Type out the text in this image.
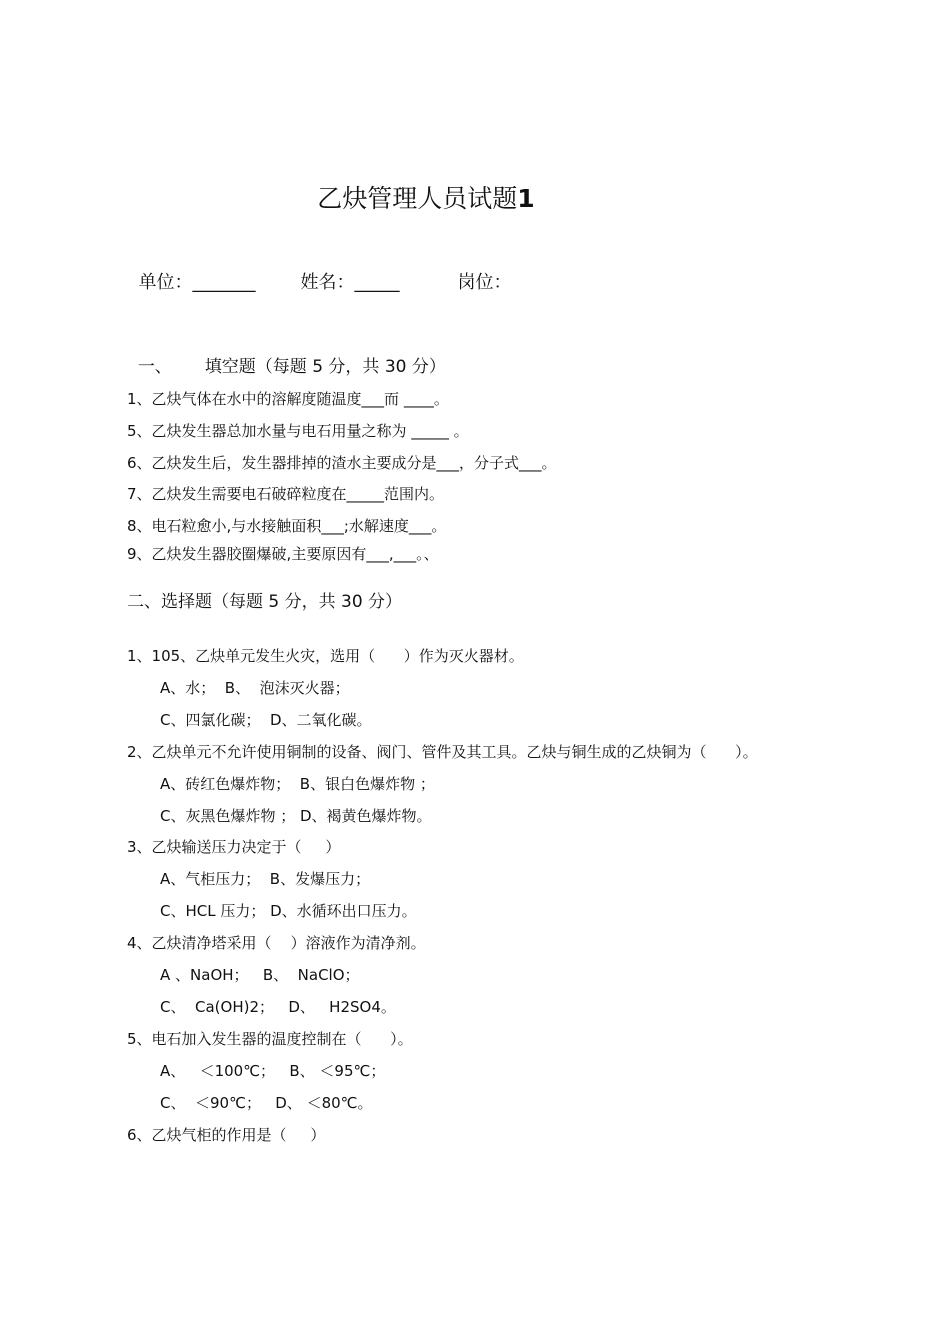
乙炔管理人员试题1

单位：_______	姓名：_____	岗位：

一、 填空题（每题 5 分，共 30 分）

1、乙炔气体在水中的溶解度随温度___而 ____。
5、乙炔发生器总加水量与电石用量之称为 _____ 。
6、乙炔发生后，发生器排掉的渣水主要成分是___，分子式___。
7、乙炔发生需要电石破碎粒度在_____范围内。
8、电石粒愈小,与水接触面积___;水解速度___。
9、乙炔发生器胶圈爆破,主要原因有___,___。、
二、选择题（每题 5 分，共 30 分）
1、105、乙炔单元发生火灾，选用（      ）作为灭火器材。
A、水；  B、  泡沫灭火器；
C、四氯化碳；  D、二氧化碳。
2、乙炔单元不允许使用铜制的设备、阀门、管件及其工具。乙炔与铜生成的乙炔铜为（      ）。
A、砖红色爆炸物；  B、银白色爆炸物 ；
C、灰黑色爆炸物 ； D、褐黄色爆炸物。
3、乙炔输送压力决定于（     ）
A、气柜压力；  B、发爆压力；
C、HCL 压力； D、水循环出口压力。
4、乙炔清净塔采用（    ）溶液作为清净剂。
A 、NaOH；   B、  NaClO；
C、  Ca(OH)2；   D、   H2SO4。
5、电石加入发生器的温度控制在（      ）。
A、   ＜100℃；   B、 ＜95℃；
C、  ＜90℃；   D、 ＜80℃。
6、乙炔气柜的作用是（     ）
